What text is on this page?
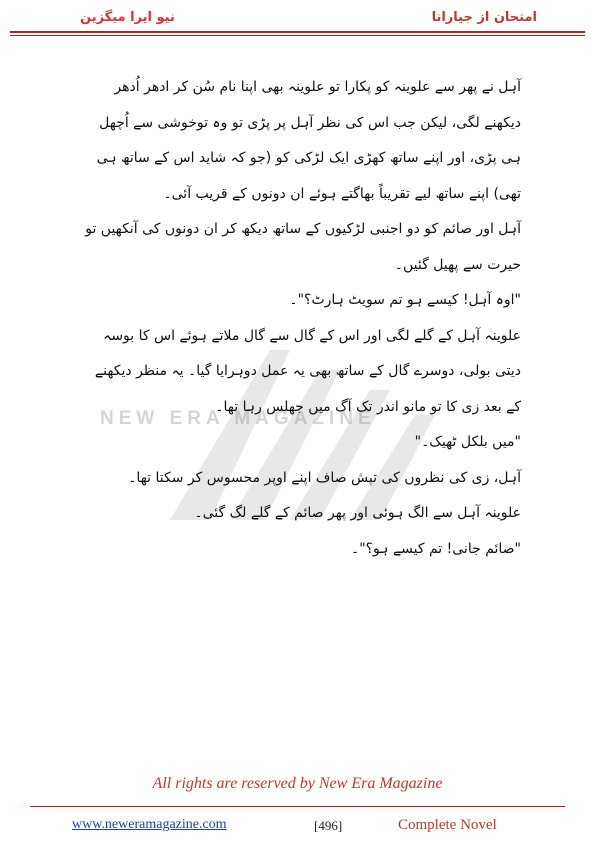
نیو ایرا میگزین	امتحان از جیارانا
NEW ERA MAGAZINE

آہل نے پھر سے علوینہ کو پکارا تو علوینہ بھی اپنا نام سُن کر ادھر اُدھر دیکھنے لگی، لیکن جب اس کی نظر آہل پر پڑی تو وہ توخوشی سے اُچھل ہی پڑی، اور اپنے ساتھ کھڑی ایک لڑکی کو (جو کہ شاید اس کے ساتھ ہی تھی) اپنے ساتھ لیے تقریباً بھاگتے ہوئے ان دونوں کے قریب آئی۔

آہل اور صائم کو دو اجنبی لڑکیوں کے ساتھ دیکھ کر ان دونوں کی آنکھیں تو حیرت سے پھیل گئیں۔

"اوہ آہل! کیسے ہو تم سویٹ ہارٹ؟"۔

علوینہ آہل کے گلے لگی اور اس کے گال سے گال ملاتے ہوئے اس کا بوسہ دیتی بولی، دوسرے گال کے ساتھ بھی یہ عمل دوہرایا گیا۔ یہ منظر دیکھنے کے بعد زی کا تو مانو اندر تک آگ میں جھلس رہا تھا۔

"میں بلکل ٹھیک۔"

آہل، زی کی نظروں کی تپش صاف اپنے اوپر محسوس کر سکتا تھا۔

علوینہ آہل سے الگ ہوئی اور پھر صائم کے گلے لگ گئی۔

"صائم جانی! تم کیسے ہو؟"۔

All rights are reserved by New Era Magazine
www.neweramagazine.com	[496]	Complete Novel
